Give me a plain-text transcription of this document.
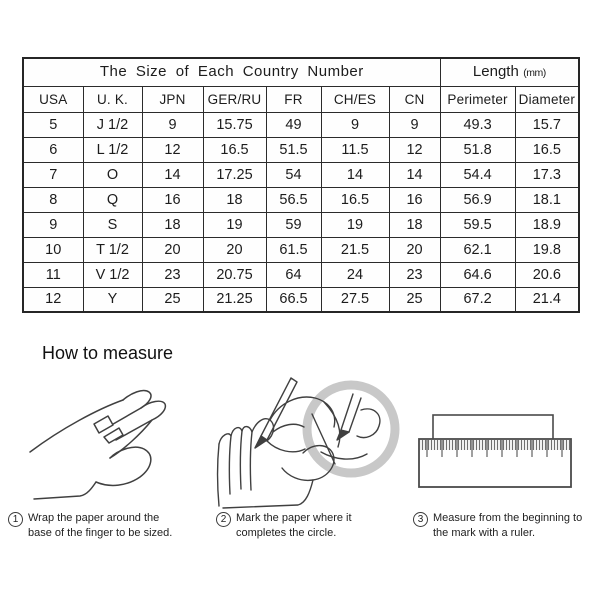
The Size of Each Country Number							Length (mm)	
USA	U. K.	JPN	GER/RU	FR	CH/ES	CN	Perimeter	Diameter
5	J 1/2	9	15.75	49	9	9	49.3	15.7
6	L 1/2	12	16.5	51.5	11.5	12	51.8	16.5
7	O	14	17.25	54	14	14	54.4	17.3
8	Q	16	18	56.5	16.5	16	56.9	18.1
9	S	18	19	59	19	18	59.5	18.9
10	T 1/2	20	20	61.5	21.5	20	62.1	19.8
11	V 1/2	23	20.75	64	24	23	64.6	20.6
12	Y	25	21.25	66.5	27.5	25	67.2	21.4
How to measure
1 Wrap the paper around the base of the finger to be sized.
2 Mark the paper where it completes the circle.
3 Measure from the beginning to the mark with a ruler.
